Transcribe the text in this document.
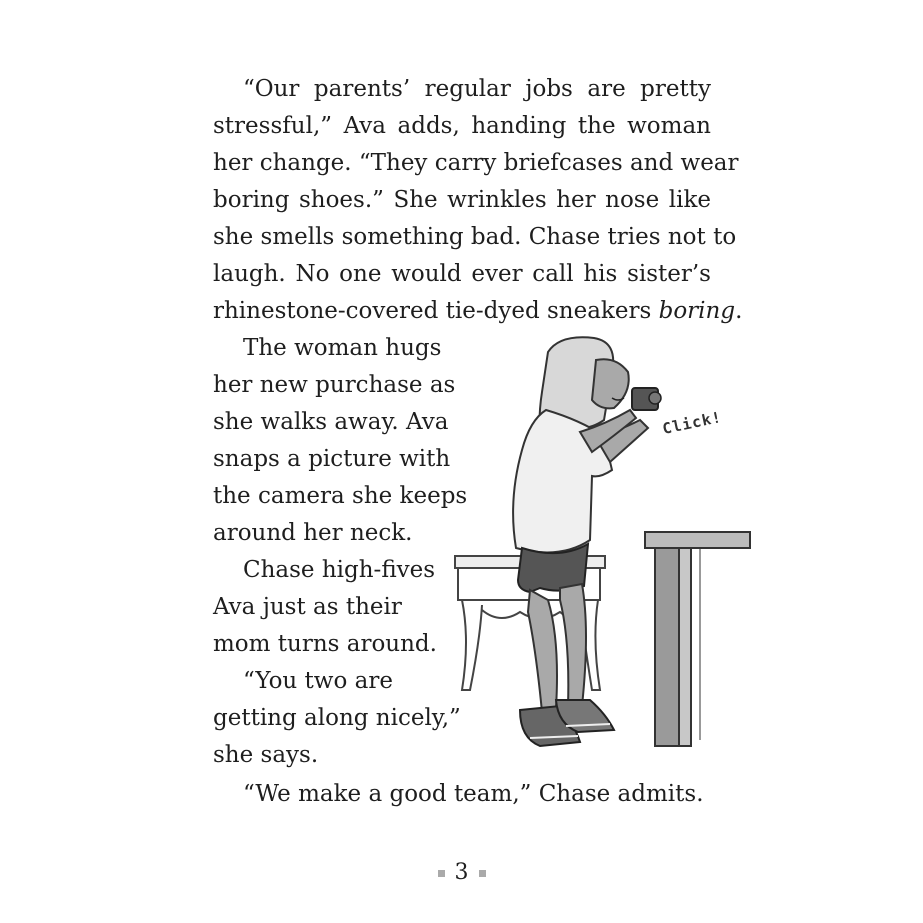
“Our parents’ regular jobs are pretty
stressful,” Ava adds, handing the woman
her change. “They carry briefcases and wear
boring shoes.” She wrinkles her nose like
she smells something bad. Chase tries not to
laugh. No one would ever call his sister’s
rhinestone-covered tie-dyed sneakers boring.
The woman hugs
her new purchase as
she walks away. Ava
snaps a picture with
the camera she keeps
around her neck.
Chase high-fives
Ava just as their
mom turns around.
“You two are
getting along nicely,”
she says.
“We make a good team,” Chase admits.
Click!
3
